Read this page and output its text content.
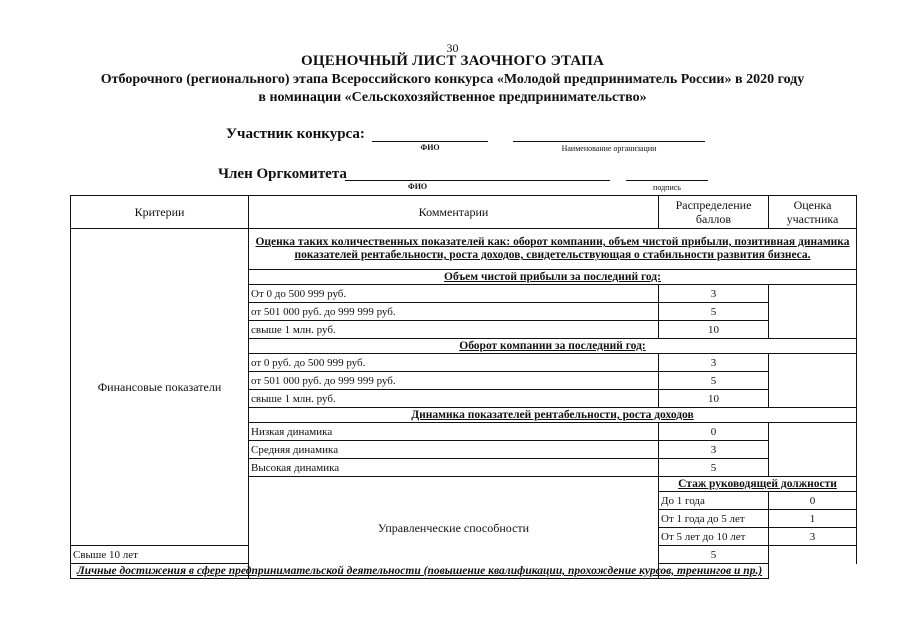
30
ОЦЕНОЧНЫЙ ЛИСТ ЗАОЧНОГО ЭТАПА
Отборочного (регионального) этапа Всероссийского конкурса «Молодой предприниматель России» в 2020 году
в номинации «Сельскохозяйственное предпринимательство»
Участник конкурса:
ФИО	Наименование организации
Член Оргкомитета
ФИО	подпись
Критерии	Комментарии	Распределение баллов	Оценка участника	
Финансовые показатели	Оценка таких количественных показателей как: оборот компании, объем чистой прибыли, позитивная динамика показателей рентабельности, роста доходов, свидетельствующая о стабильности развития бизнеса.			
	Объем чистой прибыли за последний год:			
	От 0 до 500 999 руб.	3		
	от 501 000 руб. до 999 999 руб.	5		
	свыше 1 млн. руб.	10		
	Оборот компании за последний год:			
	от 0 руб. до 500 999 руб.	3		
	от 501 000 руб. до 999 999 руб.	5		
	свыше 1 млн. руб.	10		
	Динамика показателей рентабельности, роста доходов			
	Низкая динамика	0		
	Средняя динамика	3		
	Высокая динамика	5		
	Управленческие способности	Стаж руководящей должности		
		До 1 года	0	
		От 1 года до 5 лет	1	
		От 5 лет до 10 лет	3	
Свыше 10 лет		5		
Личные достижения в сфере предпринимательской деятельности (повышение квалификации, прохождение курсов, тренингов и пр.)				
